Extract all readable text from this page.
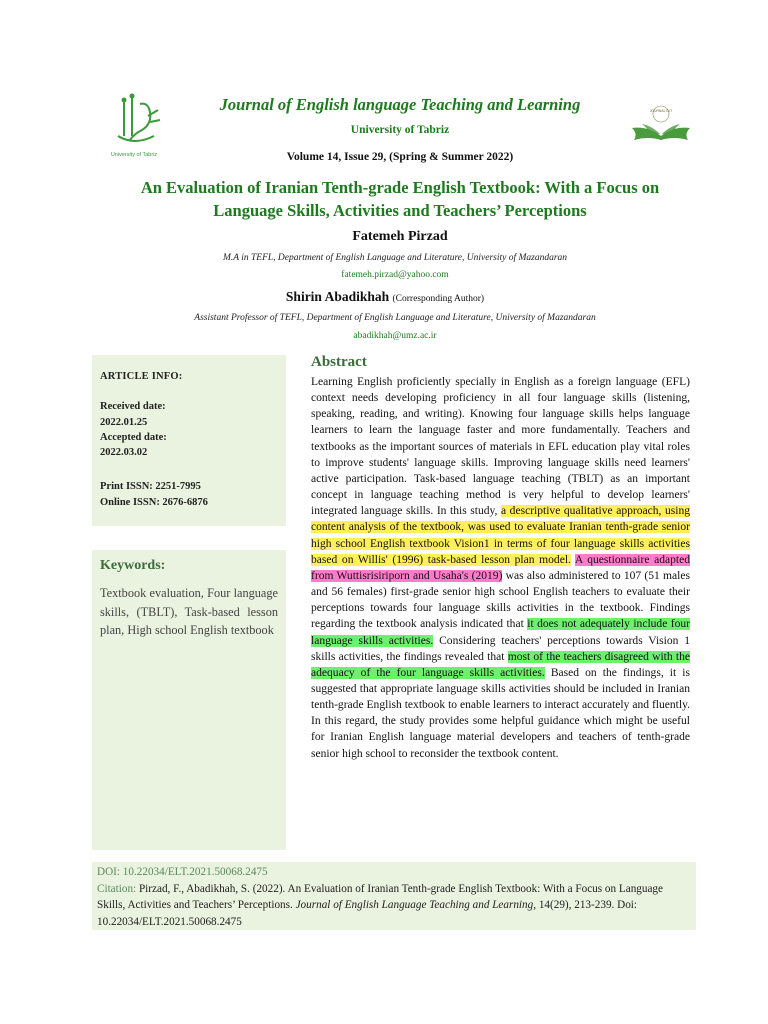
University of Tabriz
JOURNAL ELT
Journal of English language Teaching and Learning
University of Tabriz
Volume 14, Issue 29, (Spring & Summer 2022)
An Evaluation of Iranian Tenth-grade English Textbook: With a Focus on
Language Skills, Activities and Teachers’ Perceptions
Fatemeh Pirzad
M.A in TEFL, Department of English Language and Literature, University of Mazandaran
fatemeh.pirzad@yahoo.com
Shirin Abadikhah (Corresponding Author)
Assistant Professor of TEFL, Department of English Language and Literature, University of Mazandaran
abadikhah@umz.ac.ir
ARTICLE INFO:
Received date:
2022.01.25
Accepted date:
2022.03.02
Print ISSN: 2251-7995
Online ISSN: 2676-6876
Keywords:
Textbook evaluation, Four language skills, (TBLT), Task-based lesson plan, High school English textbook
Abstract
Learning English proficiently specially in English as a foreign language (EFL) context needs developing proficiency in all four language skills (listening, speaking, reading, and writing). Knowing four language skills helps language learners to learn the language faster and more fundamentally. Teachers and textbooks as the important sources of materials in EFL education play vital roles to improve students' language skills. Improving language skills need learners' active participation. Task-based language teaching (TBLT) as an important concept in language teaching method is very helpful to develop learners' integrated language skills. In this study, a descriptive qualitative approach, using content analysis of the textbook, was used to evaluate Iranian tenth-grade senior high school English textbook Vision1 in terms of four language skills activities based on Willis' (1996) task-based lesson plan model. A questionnaire adapted from Wuttisrisiriporn and Usaha's (2019) was also administered to 107 (51 males and 56 females) first-grade senior high school English teachers to evaluate their perceptions towards four language skills activities in the textbook. Findings regarding the textbook analysis indicated that it does not adequately include four language skills activities. Considering teachers' perceptions towards Vision 1 skills activities, the findings revealed that most of the teachers disagreed with the adequacy of the four language skills activities. Based on the findings, it is suggested that appropriate language skills activities should be included in Iranian tenth-grade English textbook to enable learners to interact accurately and fluently. In this regard, the study provides some helpful guidance which might be useful for Iranian English language material developers and teachers of tenth-grade senior high school to reconsider the textbook content.
DOI: 10.22034/ELT.2021.50068.2475
Citation: Pirzad, F., Abadikhah, S. (2022). An Evaluation of Iranian Tenth-grade English Textbook: With a Focus on Language Skills, Activities and Teachers’ Perceptions. Journal of English Language Teaching and Learning, 14(29), 213-239. Doi: 10.22034/ELT.2021.50068.2475
